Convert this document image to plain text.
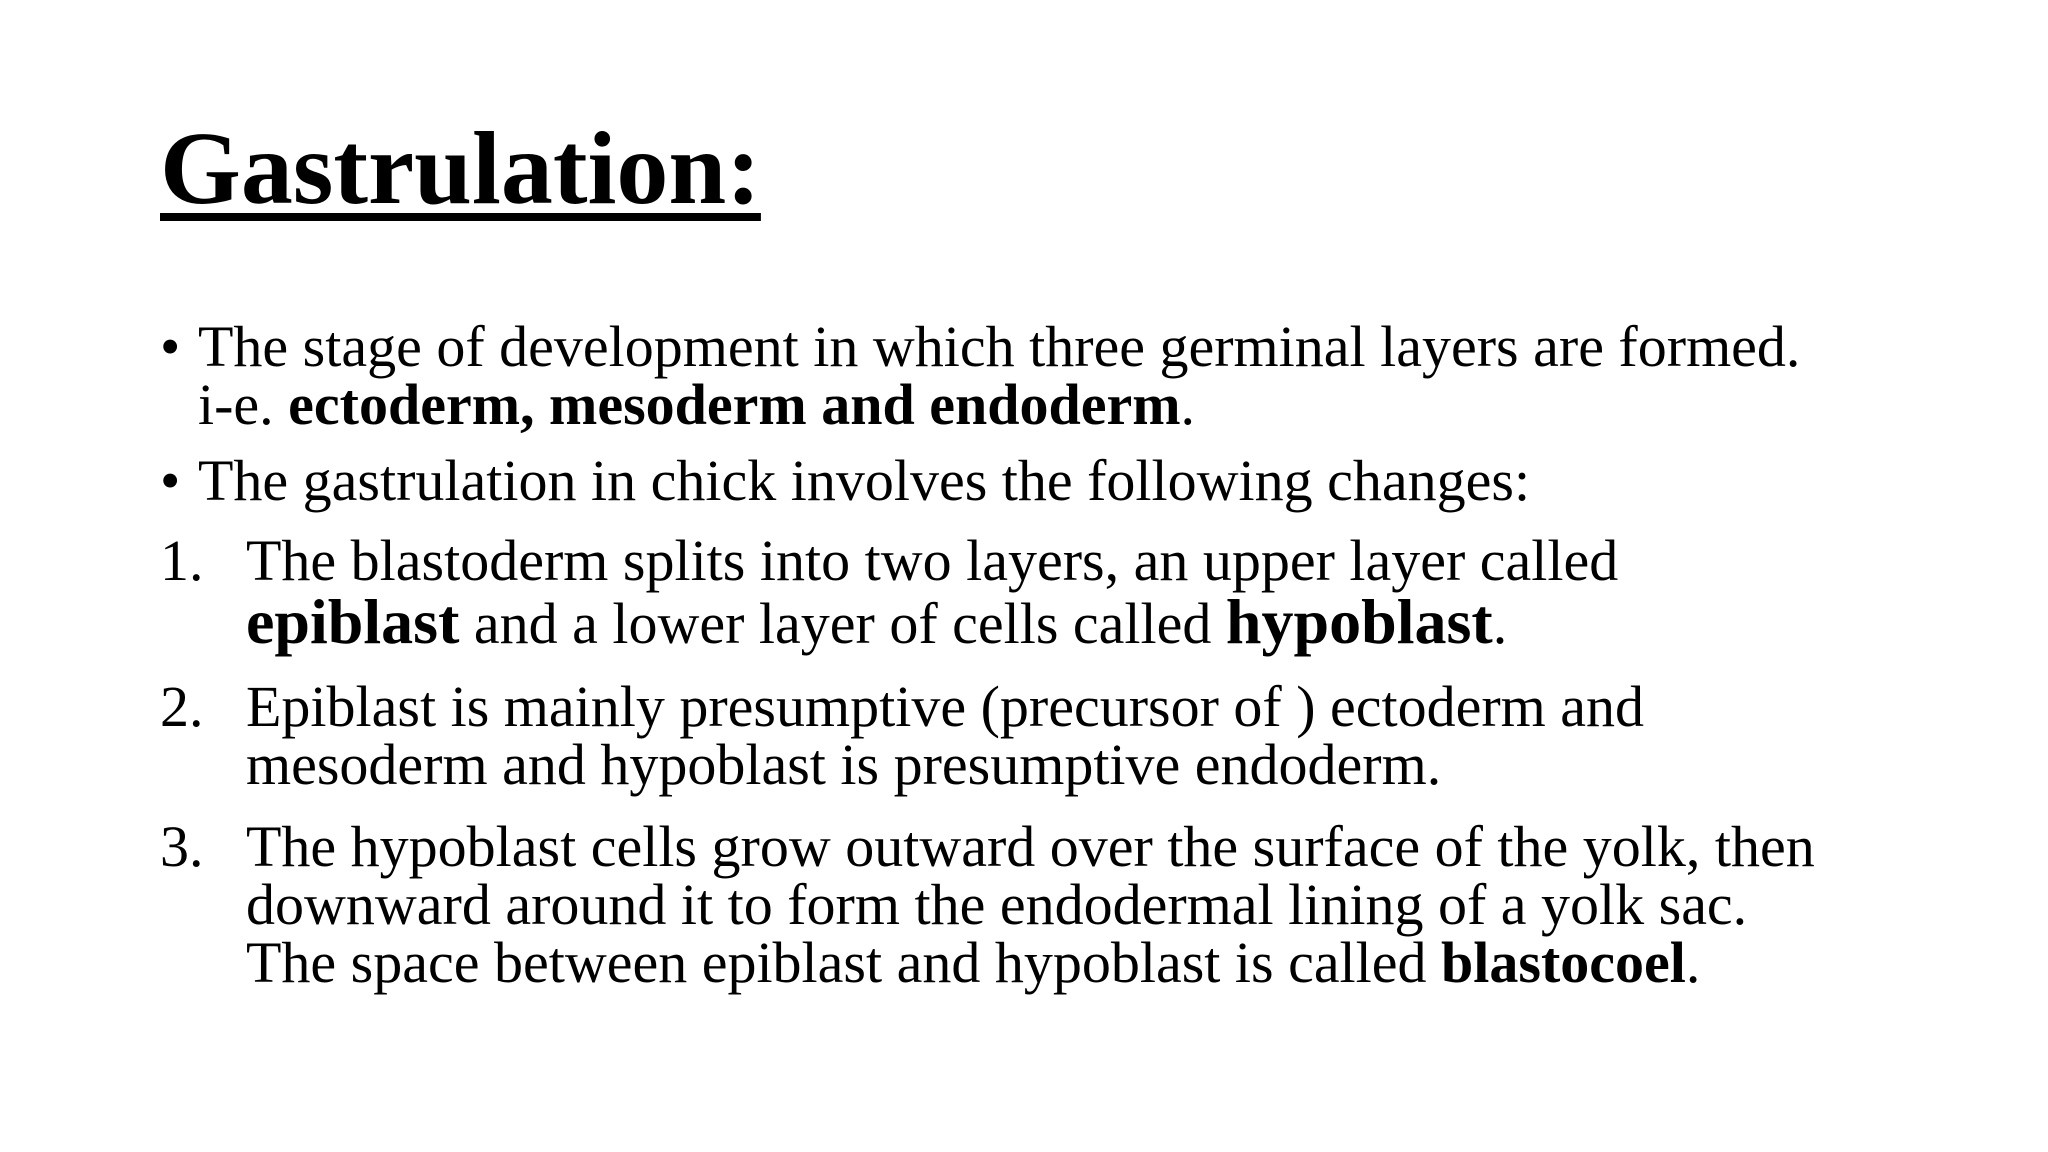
Gastrulation:
• The stage of development in which three germinal layers are formed.
i-e. ectoderm, mesoderm and endoderm.
• The gastrulation in chick involves the following changes:
1. The blastoderm splits into two layers, an upper layer called
epiblast and a lower layer of cells called hypoblast.
2. Epiblast is mainly presumptive (precursor of ) ectoderm and
mesoderm and hypoblast is presumptive endoderm.
3. The hypoblast cells grow outward over the surface of the yolk, then
downward around it to form the endodermal lining of a yolk sac.
The space between epiblast and hypoblast is called blastocoel.
